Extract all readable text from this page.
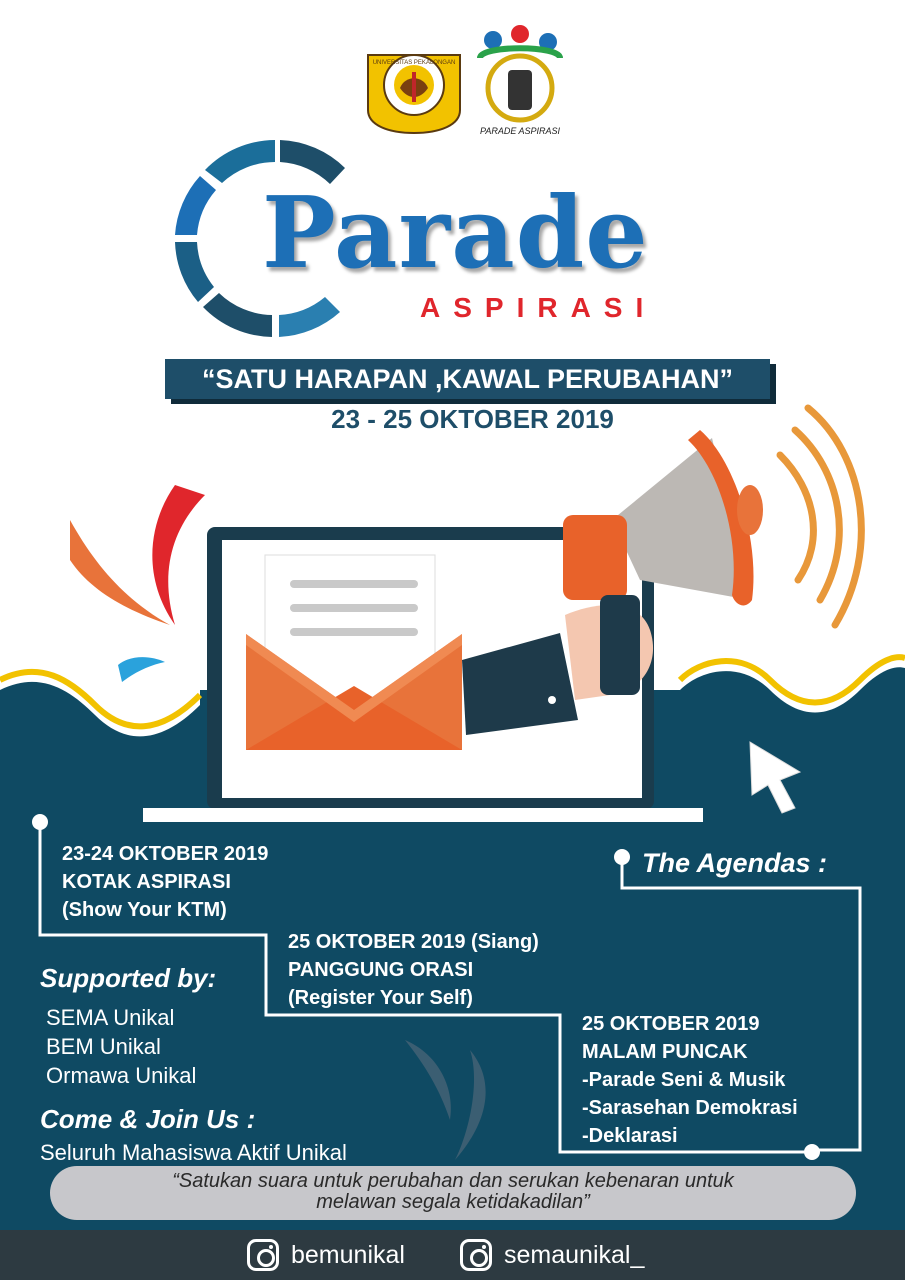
UNIVERSITAS PEKALONGAN
PARADE ASPIRASI
Parade
ASPIRASI
“SATU HARAPAN ,KAWAL PERUBAHAN”
23 - 25 OKTOBER 2019
The Agendas :
23-24 OKTOBER 2019
KOTAK ASPIRASI
(Show Your KTM)
25 OKTOBER 2019 (Siang)
PANGGUNG ORASI
(Register Your Self)
25 OKTOBER 2019
MALAM PUNCAK
-Parade Seni & Musik
-Sarasehan Demokrasi
-Deklarasi
Supported by:
SEMA Unikal
BEM Unikal
Ormawa Unikal
Come & Join Us :
Seluruh Mahasiswa Aktif Unikal
“Satukan suara untuk perubahan dan serukan kebenaran untuk
melawan segala ketidakadilan”
bemunikal	semaunikal_
